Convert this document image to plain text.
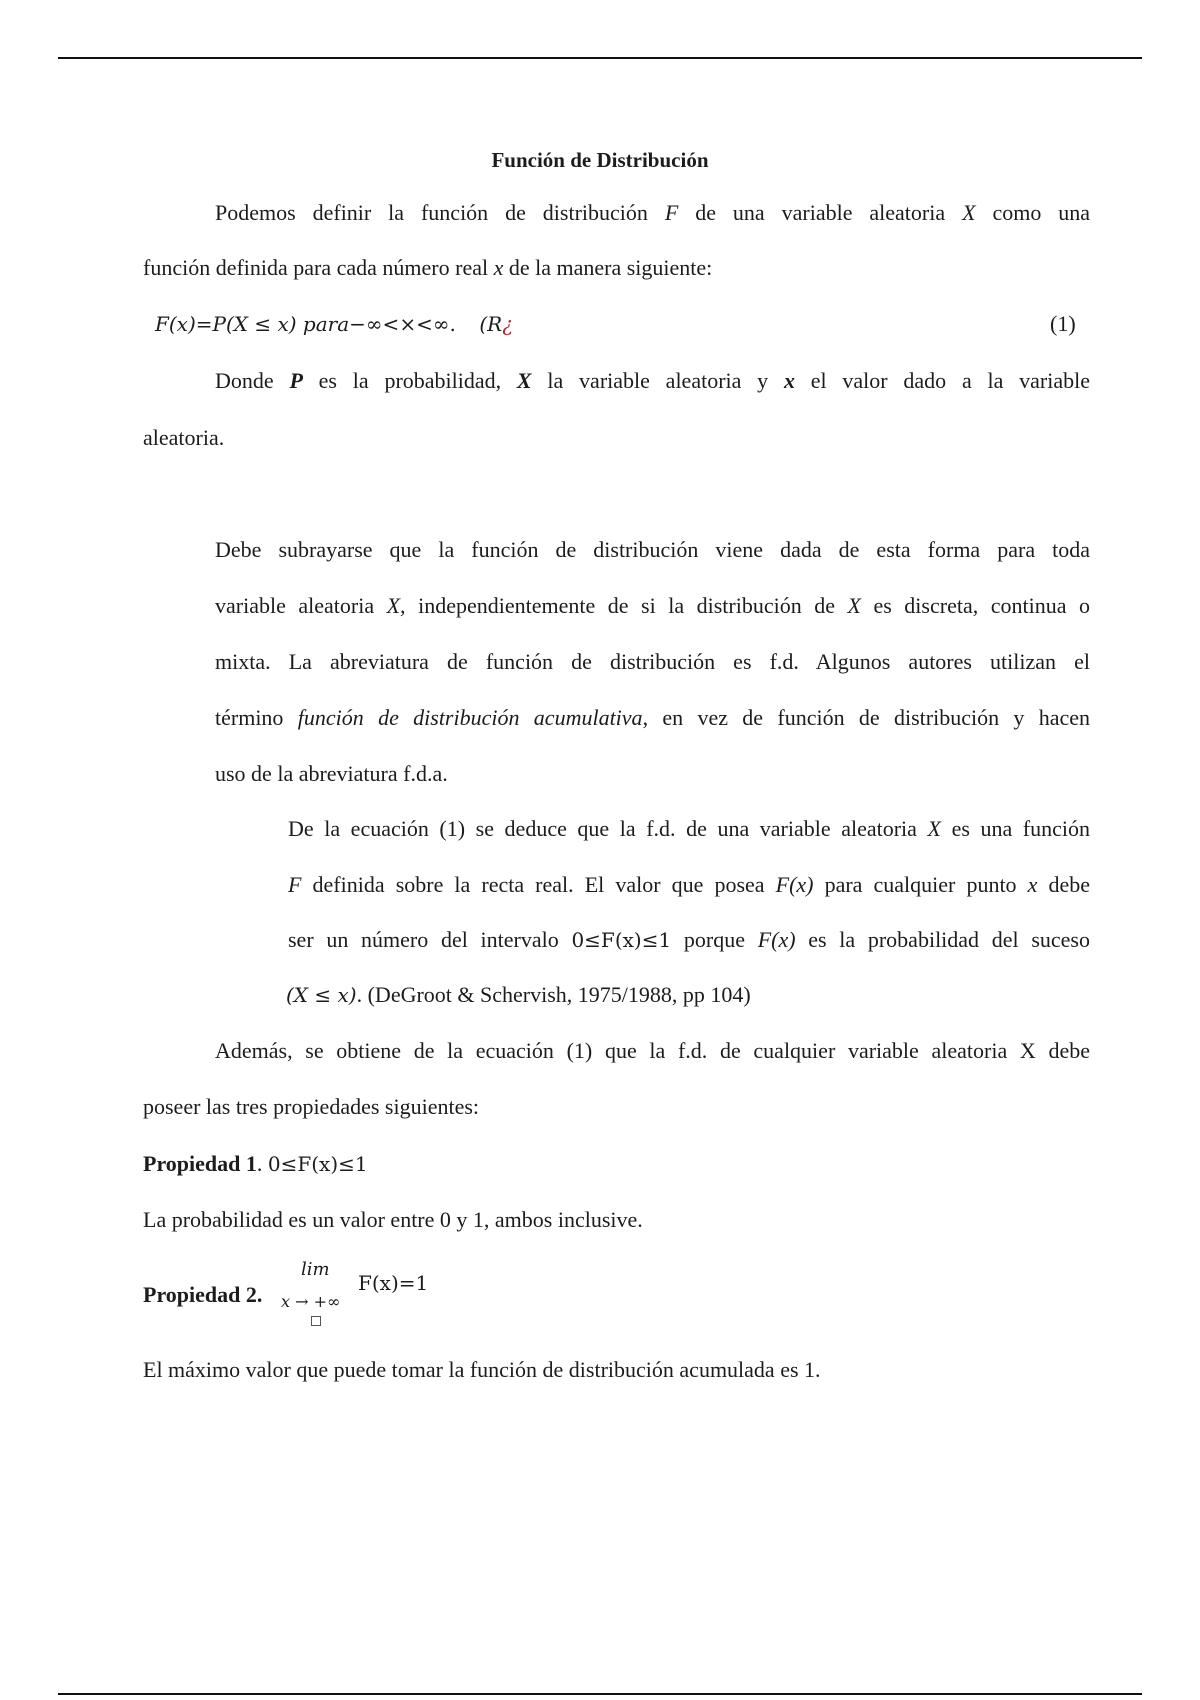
Función de Distribución
Podemos definir la función de distribución F de una variable aleatoria X como una
función definida para cada número real x de la manera siguiente:
F(x)=P(X ≤ x) para−∞<×<∞. (R¿	(1)
Donde P es la probabilidad, X la variable aleatoria y x el valor dado a la variable
aleatoria.
Debe subrayarse que la función de distribución viene dada de esta forma para toda
variable aleatoria X, independientemente de si la distribución de X es discreta, continua o
mixta. La abreviatura de función de distribución es f.d. Algunos autores utilizan el
término función de distribución acumulativa, en vez de función de distribución y hacen
uso de la abreviatura f.d.a.
De la ecuación (1) se deduce que la f.d. de una variable aleatoria X es una función
F definida sobre la recta real. El valor que posea F(x) para cualquier punto x debe
ser un número del intervalo 0≤F(x)≤1 porque F(x) es la probabilidad del suceso
(X ≤ x). (DeGroot & Schervish, 1975/1988, pp 104)
Además, se obtiene de la ecuación (1) que la f.d. de cualquier variable aleatoria X debe
poseer las tres propiedades siguientes:
Propiedad 1. 0≤F(x)≤1
La probabilidad es un valor entre 0 y 1, ambos inclusive.
Propiedad 2.
lim
x → +∞
F(x)=1
El máximo valor que puede tomar la función de distribución acumulada es 1.
